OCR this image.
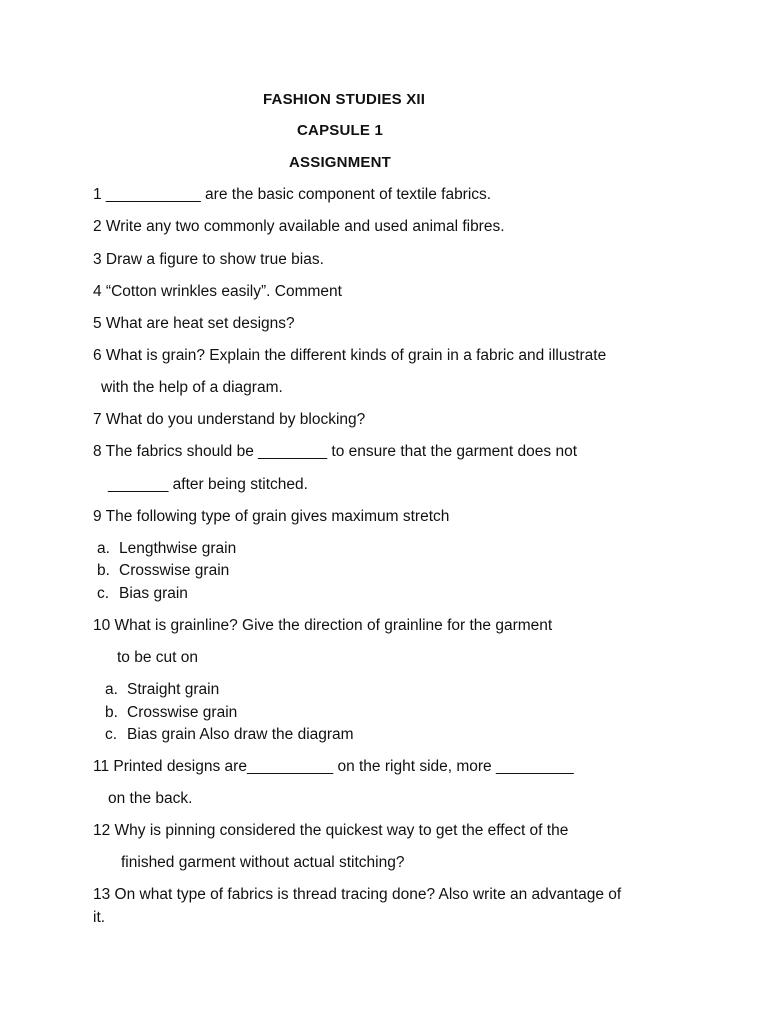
FASHION STUDIES XII
CAPSULE 1
ASSIGNMENT
1 ___________ are the basic component of textile fabrics.
2 Write any two commonly available and used animal fibres.
3 Draw a figure to show true bias.
4 “Cotton wrinkles easily”. Comment
5 What are heat set designs?
6 What is grain? Explain the different kinds of grain in a fabric and illustrate
with the help of a diagram.
7 What do you understand by blocking?
8 The fabrics should be ________ to ensure that the garment does not
_______ after being stitched.
9 The following type of grain gives maximum stretch
a. Lengthwise grain
b. Crosswise grain
c. Bias grain
10 What is grainline? Give the direction of grainline for the garment
to be cut on
a. Straight grain
b. Crosswise grain
c. Bias grain Also draw the diagram
11 Printed designs are__________ on the right side, more _________
on the back.
12 Why is pinning considered the quickest way to get the effect of the
finished garment without actual stitching?
13 On what type of fabrics is thread tracing done? Also write an advantage of
it.
